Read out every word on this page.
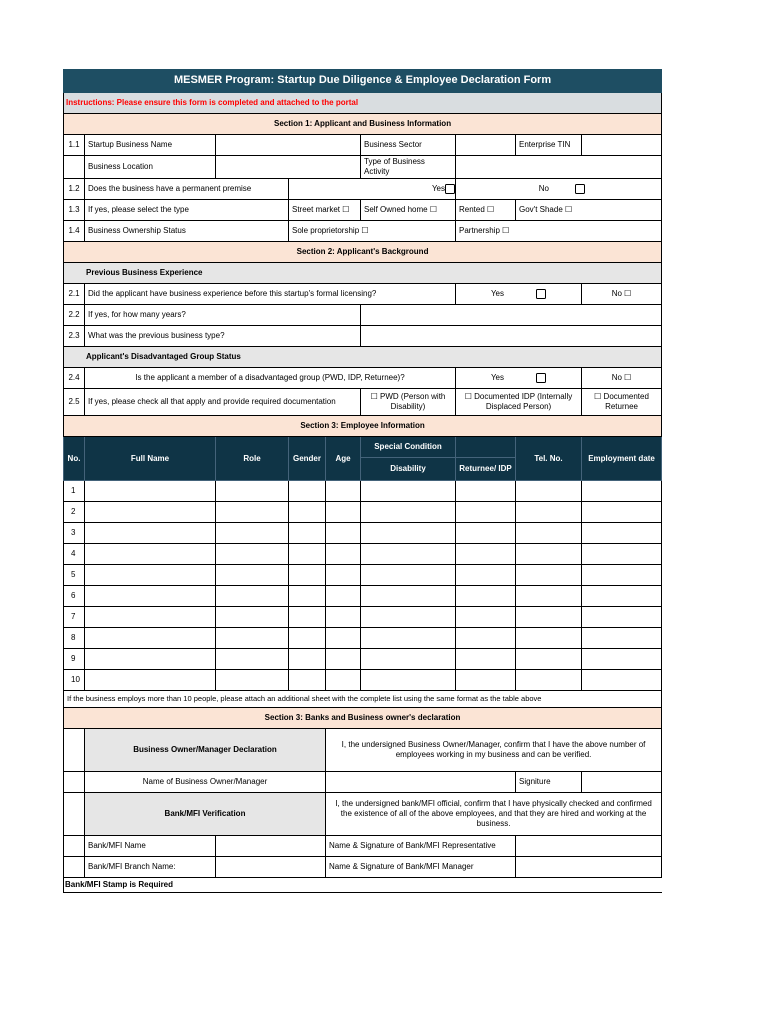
MESMER Program: Startup Due Diligence & Employee Declaration Form								
Instructions: Please ensure this form is completed and attached to the portal								
Section 1: Applicant and Business Information								
1.1	Startup Business Name				Business Sector		Enterprise TIN	
	Business Location				Type of Business Activity			
1.2	Does the business have a permanent premise		Yes			No		
1.3	If yes, please select the type		Street market ☐		Self Owned home ☐	Rented ☐	Gov't Shade ☐	
1.4	Business Ownership Status		Sole proprietorship ☐			Partnership ☐		
Section 2: Applicant's Background								
Previous Business Experience								
2.1	Did the applicant have business experience before this startup's formal licensing?					Yes		No ☐
2.2	If yes, for how many years?							
2.3	What was the previous business type?							
Applicant's Disadvantaged Group Status								
2.4	Is the applicant a member of a disadvantaged group (PWD, IDP, Returnee)?					Yes		No ☐
2.5	If yes, please check all that apply and provide required documentation				☐ PWD (Person with Disability)	☐ Documented IDP (Internally Displaced Person)		☐ Documented Returnee
Section 3: Employee Information								
No.	Full Name	Role	Gender	Age	Special Condition		Tel. No.	Employment date
					Disability	Returnee/ IDP		
1								
2								
3								
4								
5								
6								
7								
8								
9								
10								
If the business employs more than 10 people, please attach an additional sheet with the complete list using the same format as the table above								
Section 3: Banks and Business owner's declaration								
	Business Owner/Manager Declaration			I, the undersigned Business Owner/Manager, confirm that I have the above number of employees working in my business and can be verified.				
	Name of Business Owner/Manager						Signiture	
	Bank/MFI Verification			I, the undersigned bank/MFI official, confirm that I have physically checked and confirmed the existence of all of the above employees, and that they are hired and working at the business.				
	Bank/MFI Name			Name & Signature of Bank/MFI Representative				
	Bank/MFI Branch Name:			Name & Signature of Bank/MFI Manager				
Bank/MFI Stamp is Required								
